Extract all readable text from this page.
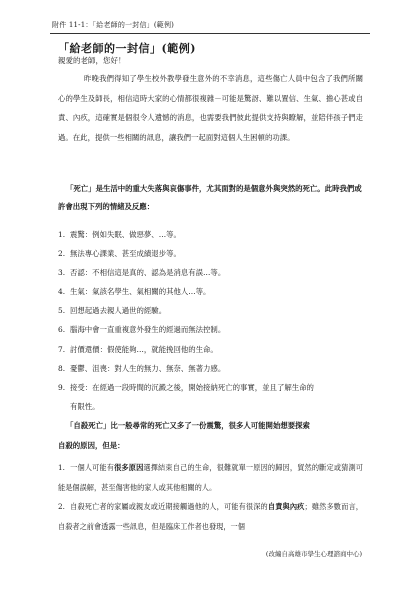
附件 11-1：「給老師的一封信」(範例)
「給老師的一封信」(範例)
親愛的老師，您好！

昨晚我們得知了學生校外教學發生意外的不幸消息，這些傷亡人員中包含了我們所關心的學生及師長，相信這時大家的心情都很複雜－可能是驚訝、難以置信、生氣、擔心甚或自責、內疚，這確實是個很令人遺憾的消息，也需要我們彼此提供支持與瞭解，並陪伴孩子們走過。在此，提供一些相關的訊息，讓我們一起面對這個人生困頓的功課。

「死亡」是生活中的重大失落與哀傷事件，尤其面對的是個意外與突然的死亡。此時我們或許會出現下列的情緒及反應：

1. 震驚：例如失眠、做惡夢、…等。
2. 無法專心課業、甚至成績退步等。
3. 否認：不相信這是真的、認為是消息有誤…等。
4. 生氣：氣該名學生、氣相關的其他人…等。
5. 回想起過去親人過世的經驗。
6. 腦海中會一直重複意外發生的經過而無法控制。
7. 討價還價：假使能夠…，就能挽回他的生命。
8. 憂鬱、沮喪：對人生的無力、無奈、無著力感。
9. 接受：在經過一段時間的沉澱之後，開始接納死亡的事實，並且了解生命的
有限性。
「自殺死亡」比一般尋常的死亡又多了一份震驚，很多人可能開始想要探索
自殺的原因，但是：
1. 一個人可能有很多原因選擇結束自己的生命，很難就單一原因的歸因，貿然的斷定或猜測可能是個誤解，甚至傷害他的家人或其他相關的人。
2. 自殺死亡者的家屬或親友或近期接觸過他的人，可能有很深的自責與內疚；雖然多數而言，自殺者之前會透露一些訊息，但是臨床工作者也發現，一個
(改編自高雄市學生心理諮商中心)
